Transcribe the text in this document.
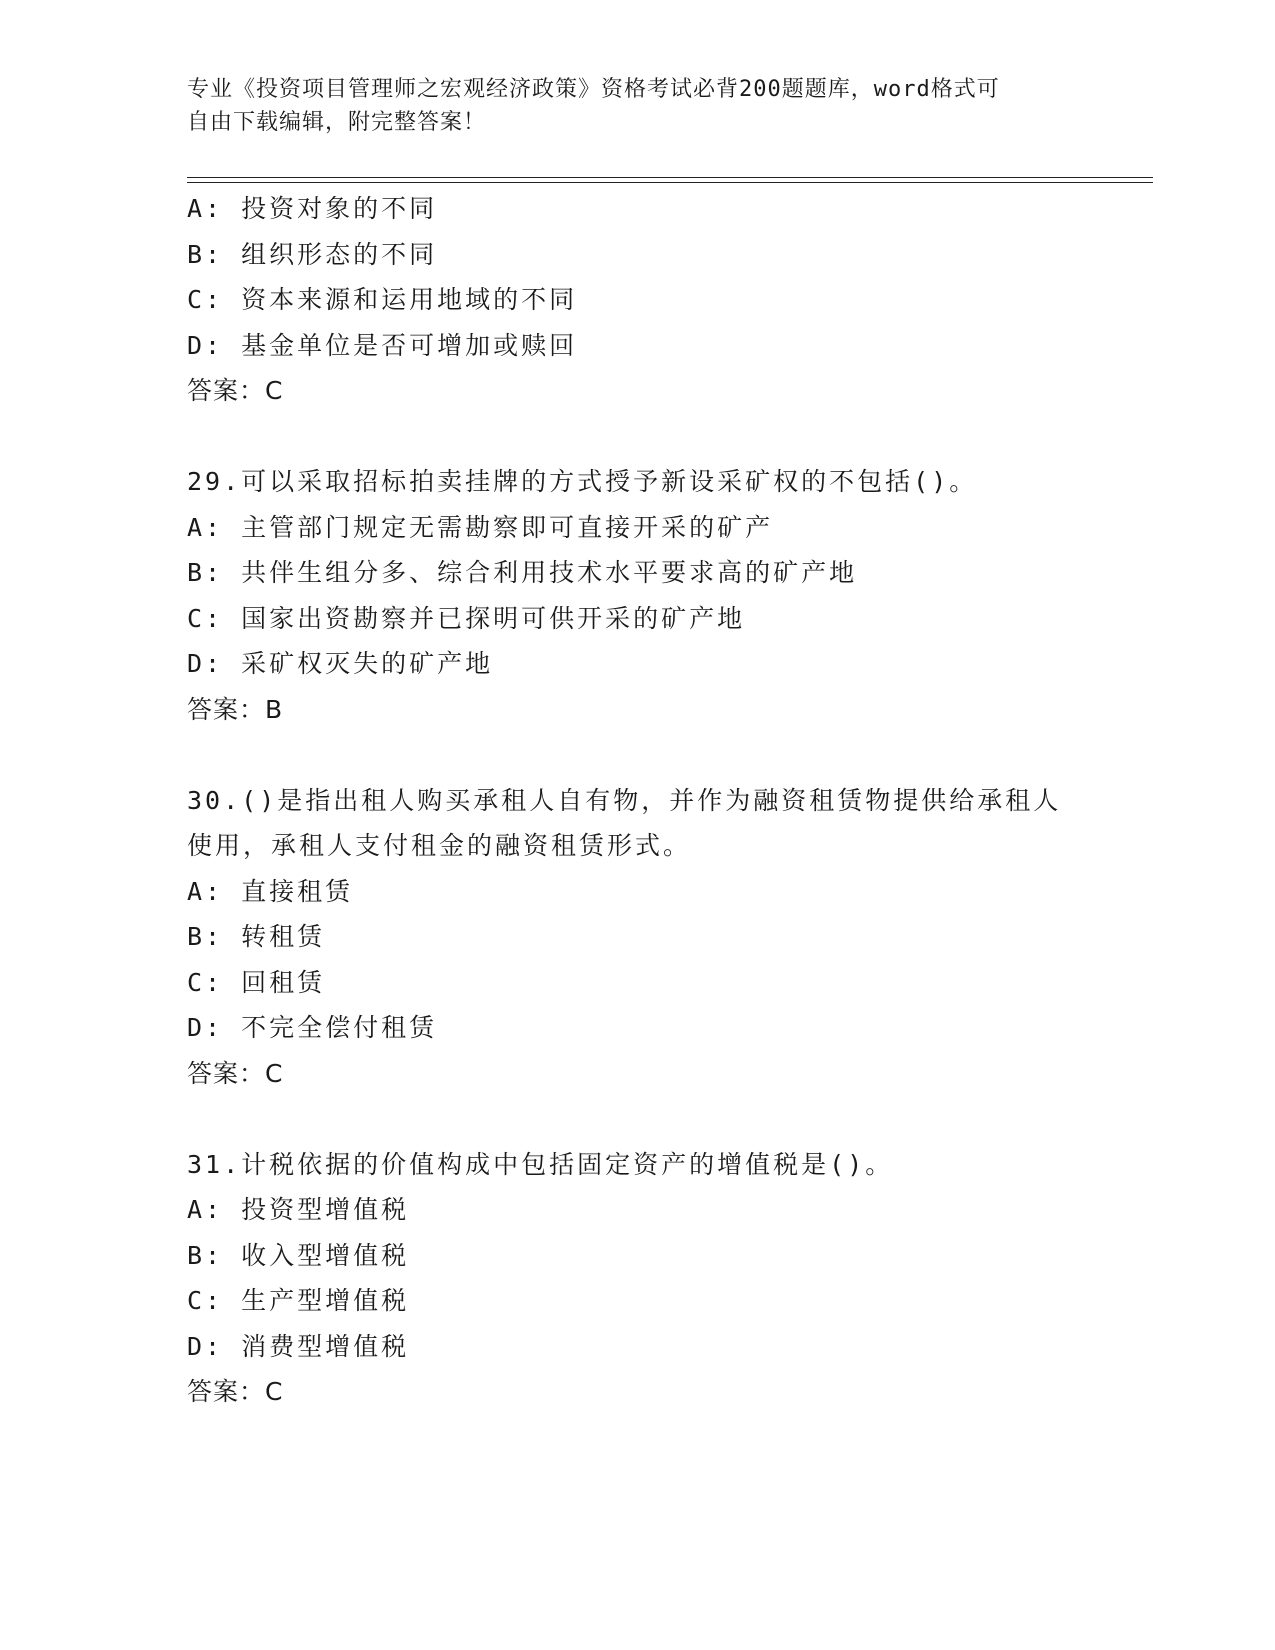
专业《投资项目管理师之宏观经济政策》资格考试必背200题题库，word格式可
自由下载编辑，附完整答案！
A: 投资对象的不同
B: 组织形态的不同
C: 资本来源和运用地域的不同
D: 基金单位是否可增加或赎回
答案：C
29.可以采取招标拍卖挂牌的方式授予新设采矿权的不包括()。
A: 主管部门规定无需勘察即可直接开采的矿产
B: 共伴生组分多、综合利用技术水平要求高的矿产地
C: 国家出资勘察并已探明可供开采的矿产地
D: 采矿权灭失的矿产地
答案：B
30.()是指出租人购买承租人自有物，并作为融资租赁物提供给承租人
使用，承租人支付租金的融资租赁形式。
A: 直接租赁
B: 转租赁
C: 回租赁
D: 不完全偿付租赁
答案：C
31.计税依据的价值构成中包括固定资产的增值税是()。
A: 投资型增值税
B: 收入型增值税
C: 生产型增值税
D: 消费型增值税
答案：C
